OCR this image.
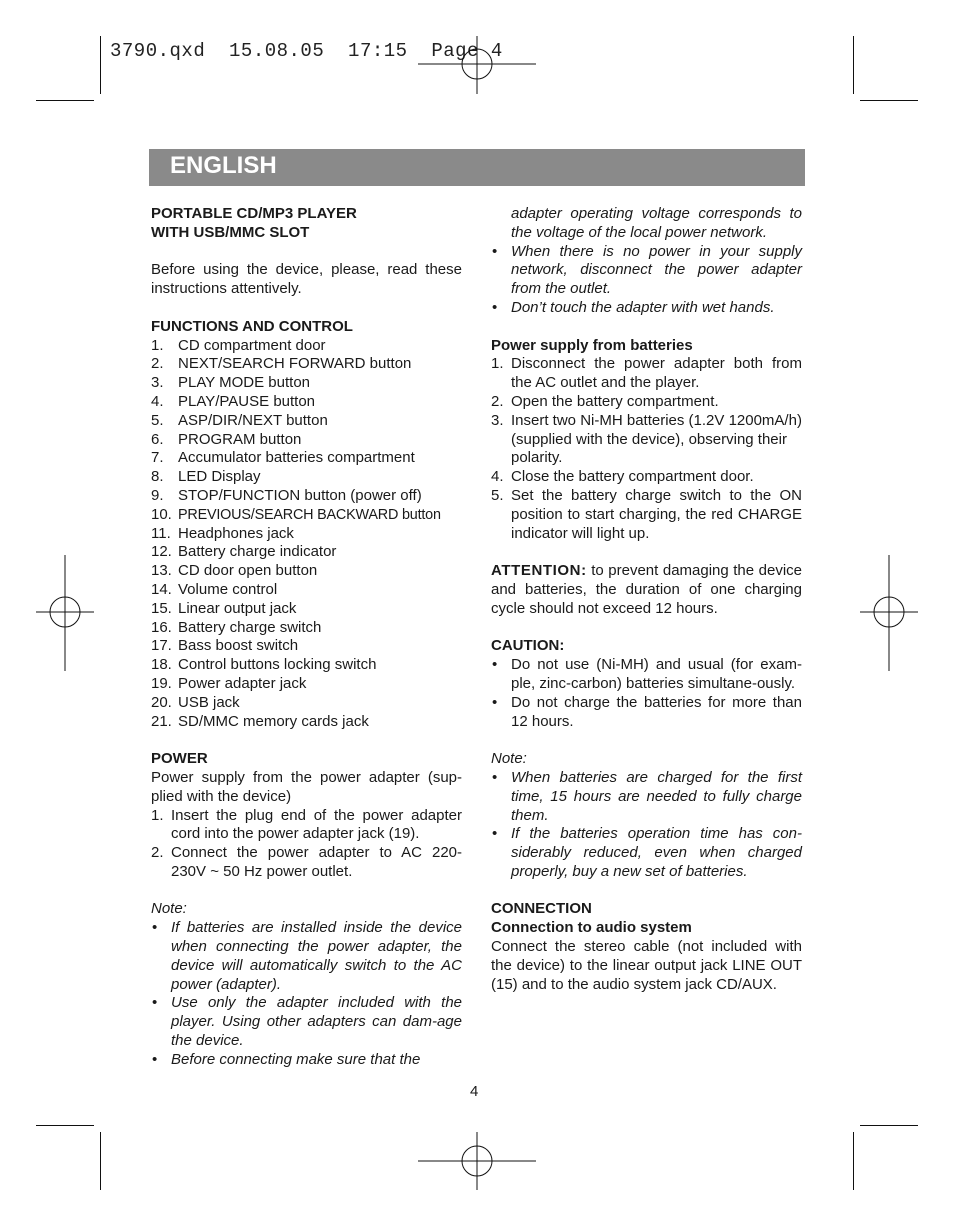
3790.qxd  15.08.05  17:15  Page 4
ENGLISH
PORTABLE CD/MP3 PLAYER
WITH USB/MMC SLOT
Before using the device, please, read these instructions attentively.
FUNCTIONS AND CONTROL
1. CD compartment door
2. NEXT/SEARCH FORWARD button
3. PLAY MODE button
4. PLAY/PAUSE button
5. ASP/DIR/NEXT button
6. PROGRAM button
7. Accumulator batteries compartment
8. LED Display
9. STOP/FUNCTION button (power off)
10. PREVIOUS/SEARCH BACKWARD button
11. Headphones jack
12. Battery charge indicator
13. CD door open button
14. Volume control
15. Linear output jack
16. Battery charge switch
17. Bass boost switch
18. Control buttons locking switch
19. Power adapter jack
20. USB jack
21. SD/MMC memory cards jack
POWER
Power supply from the power adapter (sup-plied with the device)
1. Insert the plug end of the power adapter cord into the power adapter jack (19).
2. Connect the power adapter to AC 220-230V ~ 50 Hz power outlet.
Note:
• If batteries are installed inside the device when connecting the power adapter, the device will automatically switch to the AC power (adapter).
• Use only the adapter included with the player. Using other adapters can dam-age the device.
• Before connecting make sure that the
adapter operating voltage corresponds to the voltage of the local power network.
• When there is no power in your supply network, disconnect the power adapter from the outlet.
• Don’t touch the adapter with wet hands.
Power supply from batteries
1. Disconnect the power adapter both from the AC outlet and the player.
2. Open the battery compartment.
3. Insert two Ni-MH batteries (1.2V 1200mA/h) (supplied with the device), observing their polarity.
4. Close the battery compartment door.
5. Set the battery charge switch to the ON position to start charging, the red CHARGE indicator will light up.
ATTENTION: to prevent damaging the device and batteries, the duration of one charging cycle should not exceed 12 hours.
CAUTION:
• Do not use (Ni-MH) and usual (for exam-ple, zinc-carbon) batteries simultane-ously.
• Do not charge the batteries for more than 12 hours.
Note:
• When batteries are charged for the first time, 15 hours are needed to fully charge them.
• If the batteries operation time has con-siderably reduced, even when charged properly, buy a new set of batteries.
CONNECTION
Connection to audio system
Connect the stereo cable (not included with the device) to the linear output jack LINE OUT (15) and to the audio system jack CD/AUX.
4
